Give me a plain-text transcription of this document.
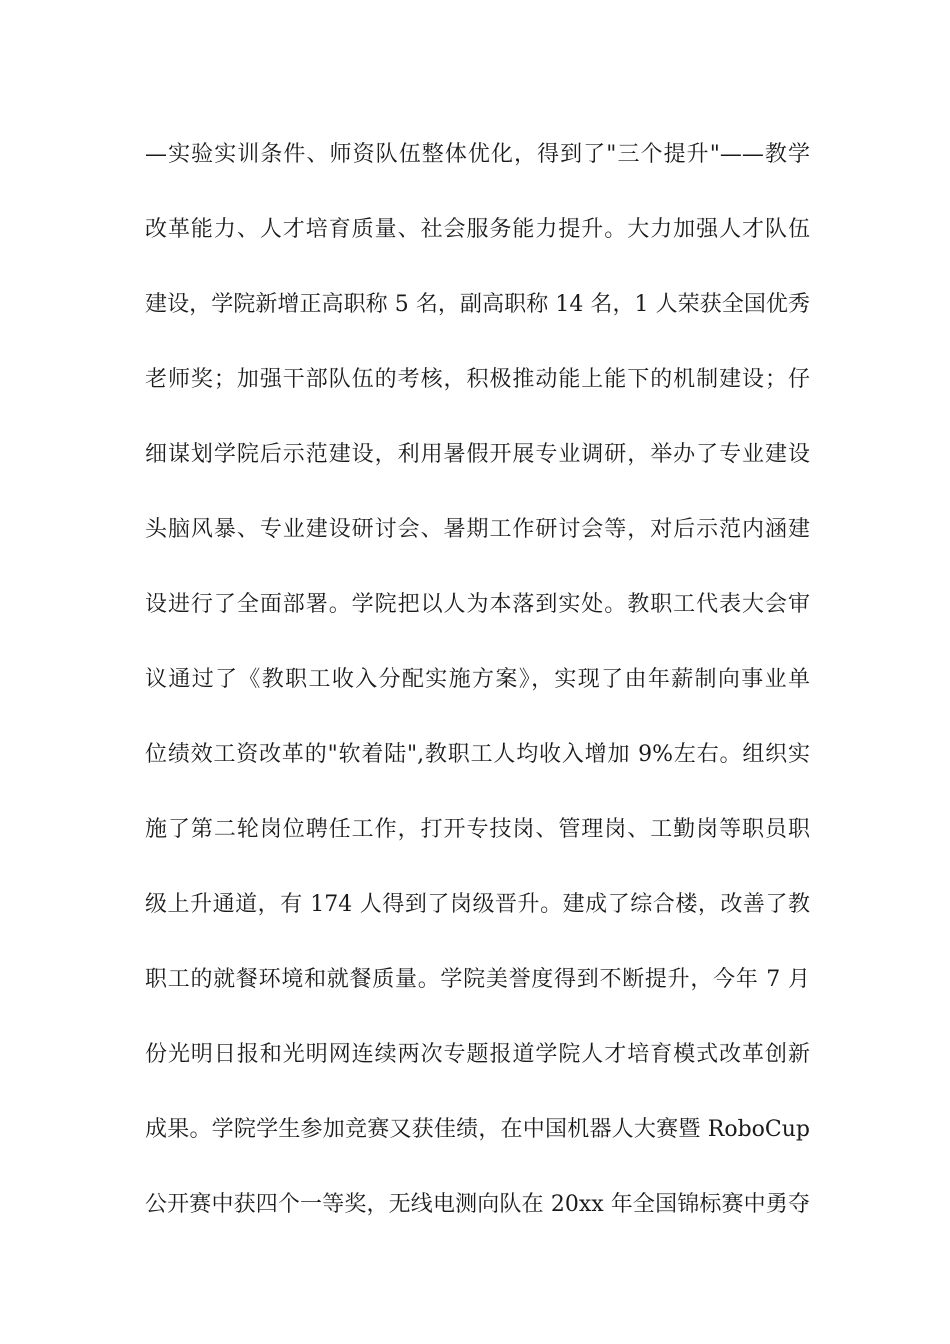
—实验实训条件、师资队伍整体优化，得到了"三个提升"——教学
改革能力、人才培育质量、社会服务能力提升。大力加强人才队伍
建设，学院新增正高职称 5 名，副高职称 14 名，1 人荣获全国优秀
老师奖；加强干部队伍的考核，积极推动能上能下的机制建设；仔
细谋划学院后示范建设，利用暑假开展专业调研，举办了专业建设
头脑风暴、专业建设研讨会、暑期工作研讨会等，对后示范内涵建
设进行了全面部署。学院把以人为本落到实处。教职工代表大会审
议通过了《教职工收入分配实施方案》，实现了由年薪制向事业单
位绩效工资改革的"软着陆",教职工人均收入增加 9%左右。组织实
施了第二轮岗位聘任工作，打开专技岗、管理岗、工勤岗等职员职
级上升通道，有 174 人得到了岗级晋升。建成了综合楼，改善了教
职工的就餐环境和就餐质量。学院美誉度得到不断提升，今年 7 月
份光明日报和光明网连续两次专题报道学院人才培育模式改革创新
成果。学院学生参加竞赛又获佳绩，在中国机器人大赛暨 RoboCup
公开赛中获四个一等奖，无线电测向队在 20xx 年全国锦标赛中勇夺
